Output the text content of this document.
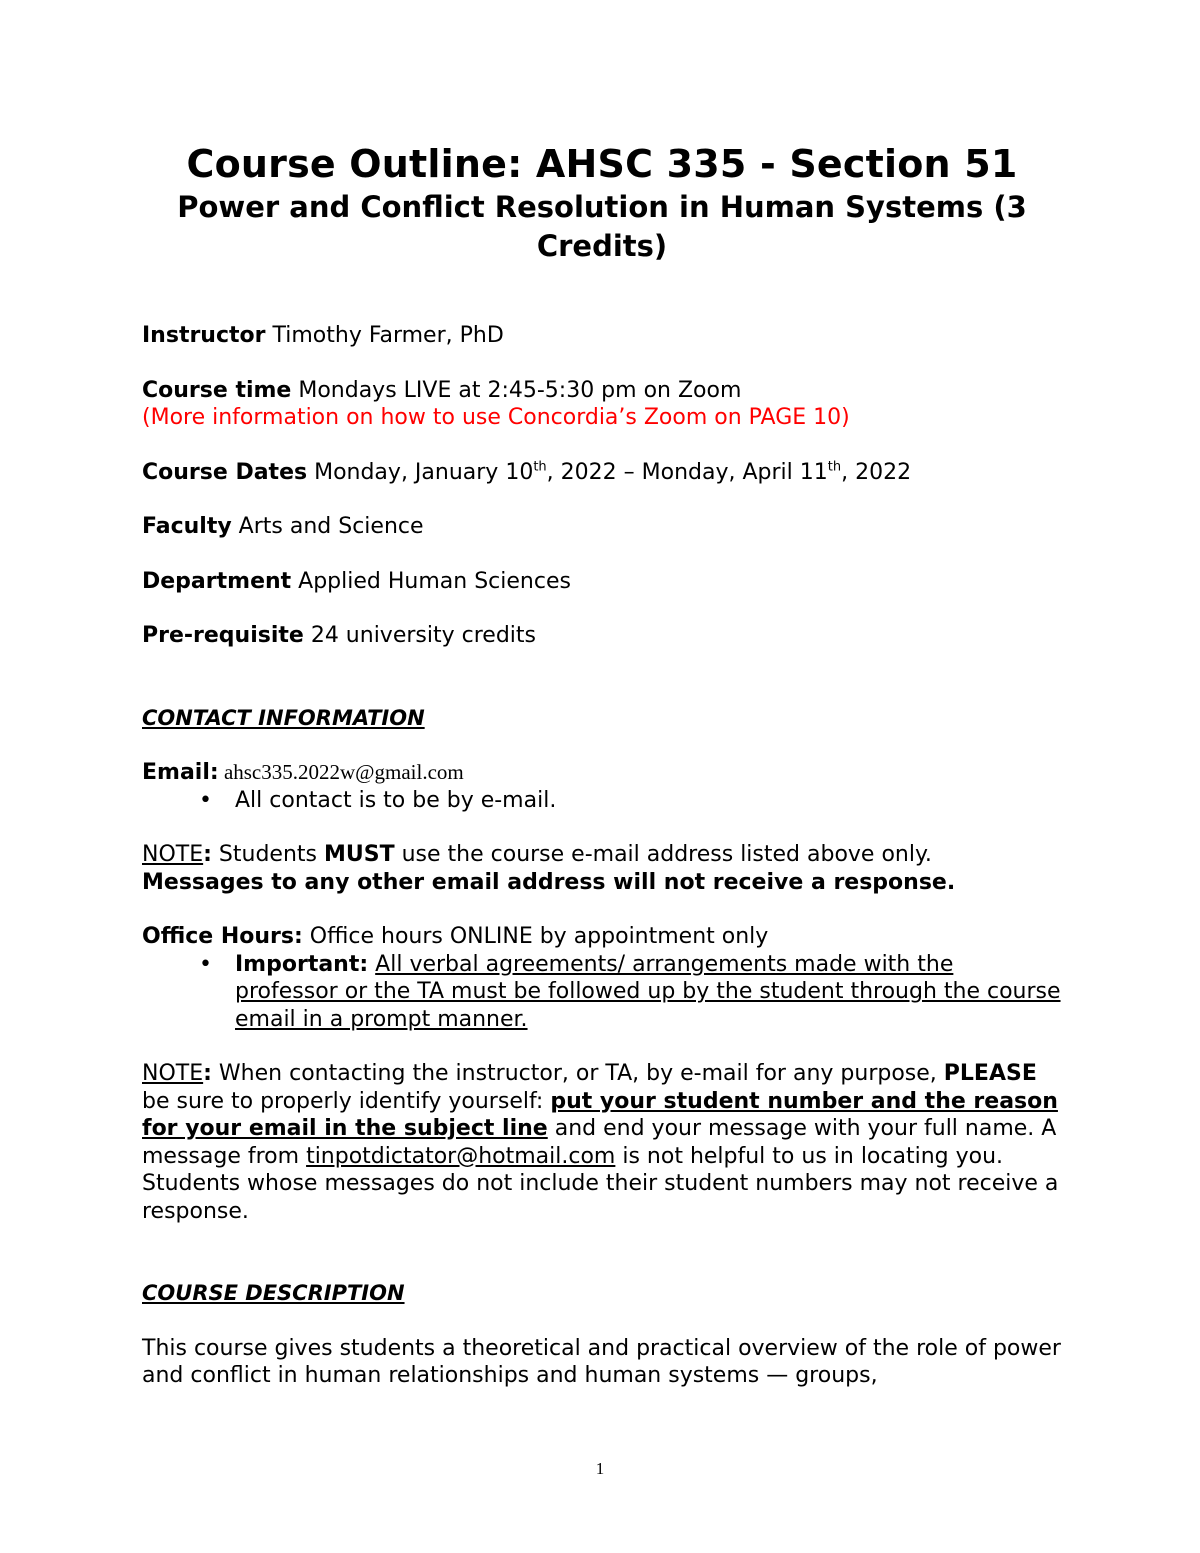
Course Outline: AHSC 335 - Section 51
Power and Conflict Resolution in Human Systems (3 Credits)

Instructor Timothy Farmer, PhD

Course time Mondays LIVE at 2:45-5:30 pm on Zoom

(More information on how to use Concordia’s Zoom on PAGE 10)

Course Dates Monday, January 10th, 2022 – Monday, April 11th, 2022

Faculty Arts and Science

Department Applied Human Sciences

Pre-requisite 24 university credits

CONTACT INFORMATION

Email: ahsc335.2022w@gmail.com

• All contact is to be by e-mail.

NOTE: Students MUST use the course e-mail address listed above only.

Messages to any other email address will not receive a response.

Office Hours: Office hours ONLINE by appointment only

• Important: All verbal agreements/ arrangements made with the professor or the TA must be followed up by the student through the course email in a prompt manner.

NOTE: When contacting the instructor, or TA, by e-mail for any purpose, PLEASE be sure to properly identify yourself: put your student number and the reason for your email in the subject line and end your message with your full name. A message from tinpotdictator@hotmail.com is not helpful to us in locating you. Students whose messages do not include their student numbers may not receive a response.

COURSE DESCRIPTION

This course gives students a theoretical and practical overview of the role of power and conflict in human relationships and human systems — groups,

1
